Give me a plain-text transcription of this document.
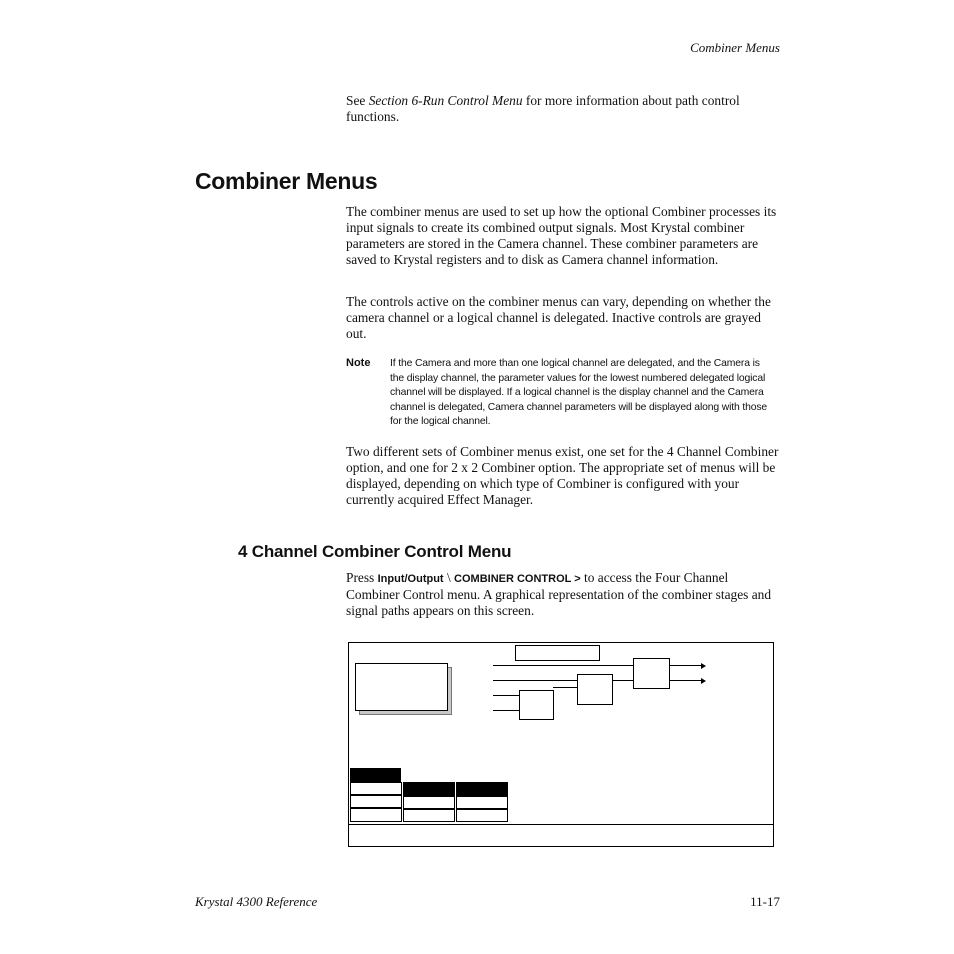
Combiner Menus
See Section 6-Run Control Menu for more information about path control functions.
Combiner Menus
The combiner menus are used to set up how the optional Combiner processes its input signals to create its combined output signals. Most Krystal combiner parameters are stored in the Camera channel. These combiner parameters are saved to Krystal registers and to disk as Camera channel information.
The controls active on the combiner menus can vary, depending on whether the camera channel or a logical channel is delegated. Inactive controls are grayed out.
Note If the Camera and more than one logical channel are delegated, and the Camera is the display channel, the parameter values for the lowest numbered delegated logical channel will be displayed. If a logical channel is the display channel and the Camera channel is delegated, Camera channel parameters will be displayed along with those for the logical channel.
Two different sets of Combiner menus exist, one set for the 4 Channel Combiner option, and one for 2 x 2 Combiner option. The appropriate set of menus will be displayed, depending on which type of Combiner is configured with your currently acquired Effect Manager.
4 Channel Combiner Control Menu
Press Input/Output \ COMBINER CONTROL > to access the Four Channel Combiner Control menu. A graphical representation of the combiner stages and signal paths appears on this screen.
Krystal 4300 Reference	11-17
